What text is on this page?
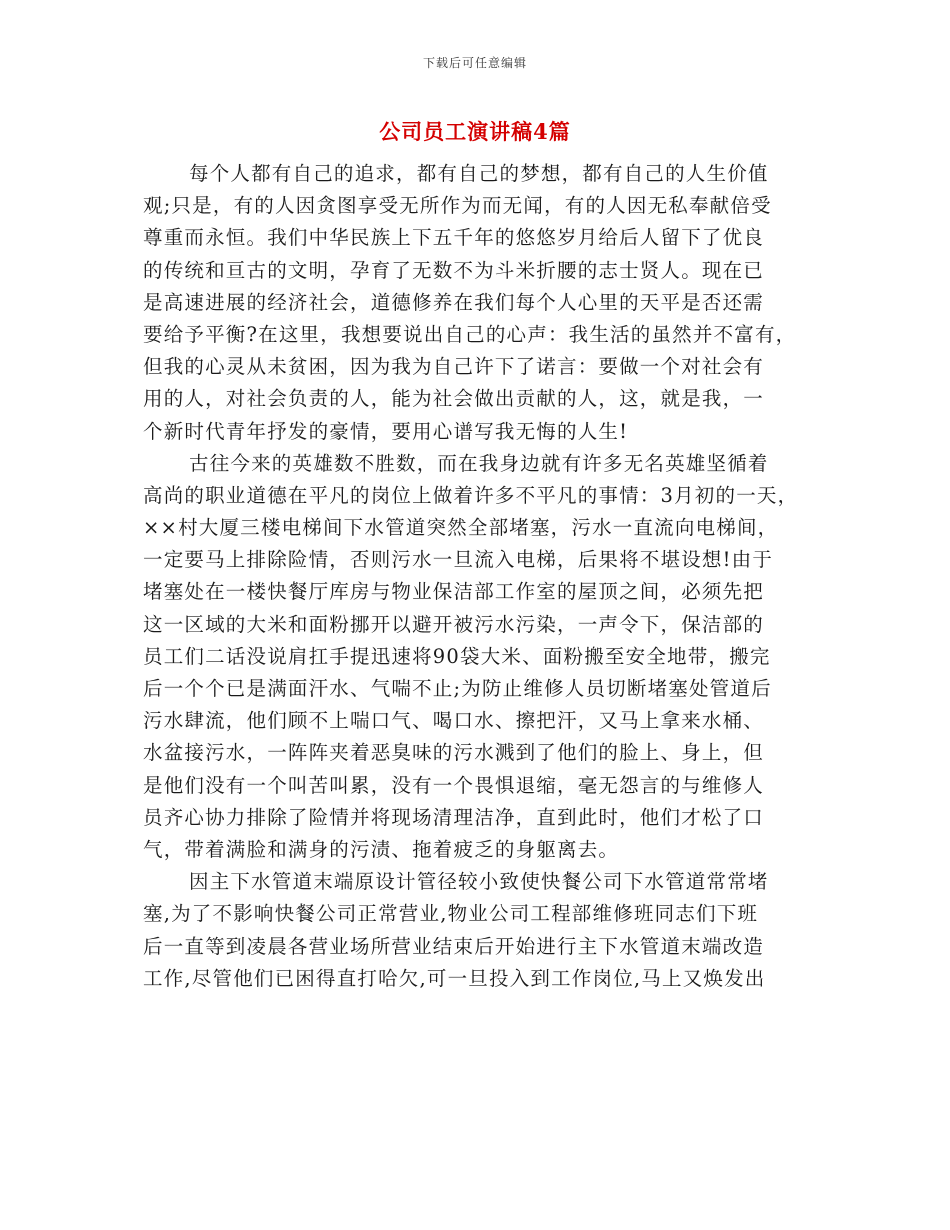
下载后可任意编辑
公司员工演讲稿4篇
每个人都有自己的追求，都有自己的梦想，都有自己的人生价值
观;只是，有的人因贪图享受无所作为而无闻，有的人因无私奉献倍受
尊重而永恒。我们中华民族上下五千年的悠悠岁月给后人留下了优良
的传统和亘古的文明，孕育了无数不为斗米折腰的志士贤人。现在已
是高速进展的经济社会，道德修养在我们每个人心里的天平是否还需
要给予平衡?在这里，我想要说出自己的心声：我生活的虽然并不富有，
但我的心灵从未贫困，因为我为自己许下了诺言：要做一个对社会有
用的人，对社会负责的人，能为社会做出贡献的人，这，就是我，一
个新时代青年抒发的豪情，要用心谱写我无悔的人生!
古往今来的英雄数不胜数，而在我身边就有许多无名英雄坚循着
高尚的职业道德在平凡的岗位上做着许多不平凡的事情：3月初的一天，
××村大厦三楼电梯间下水管道突然全部堵塞，污水一直流向电梯间，
一定要马上排除险情，否则污水一旦流入电梯，后果将不堪设想!由于
堵塞处在一楼快餐厅库房与物业保洁部工作室的屋顶之间，必须先把
这一区域的大米和面粉挪开以避开被污水污染，一声令下，保洁部的
员工们二话没说肩扛手提迅速将90袋大米、面粉搬至安全地带，搬完
后一个个已是满面汗水、气喘不止;为防止维修人员切断堵塞处管道后
污水肆流，他们顾不上喘口气、喝口水、擦把汗，又马上拿来水桶、
水盆接污水，一阵阵夹着恶臭味的污水溅到了他们的脸上、身上，但
是他们没有一个叫苦叫累，没有一个畏惧退缩，毫无怨言的与维修人
员齐心协力排除了险情并将现场清理洁净，直到此时，他们才松了口
气，带着满脸和满身的污渍、拖着疲乏的身躯离去。
因主下水管道末端原设计管径较小致使快餐公司下水管道常常堵
塞,为了不影响快餐公司正常营业,物业公司工程部维修班同志们下班
后一直等到凌晨各营业场所营业结束后开始进行主下水管道末端改造
工作,尽管他们已困得直打哈欠,可一旦投入到工作岗位,马上又焕发出
